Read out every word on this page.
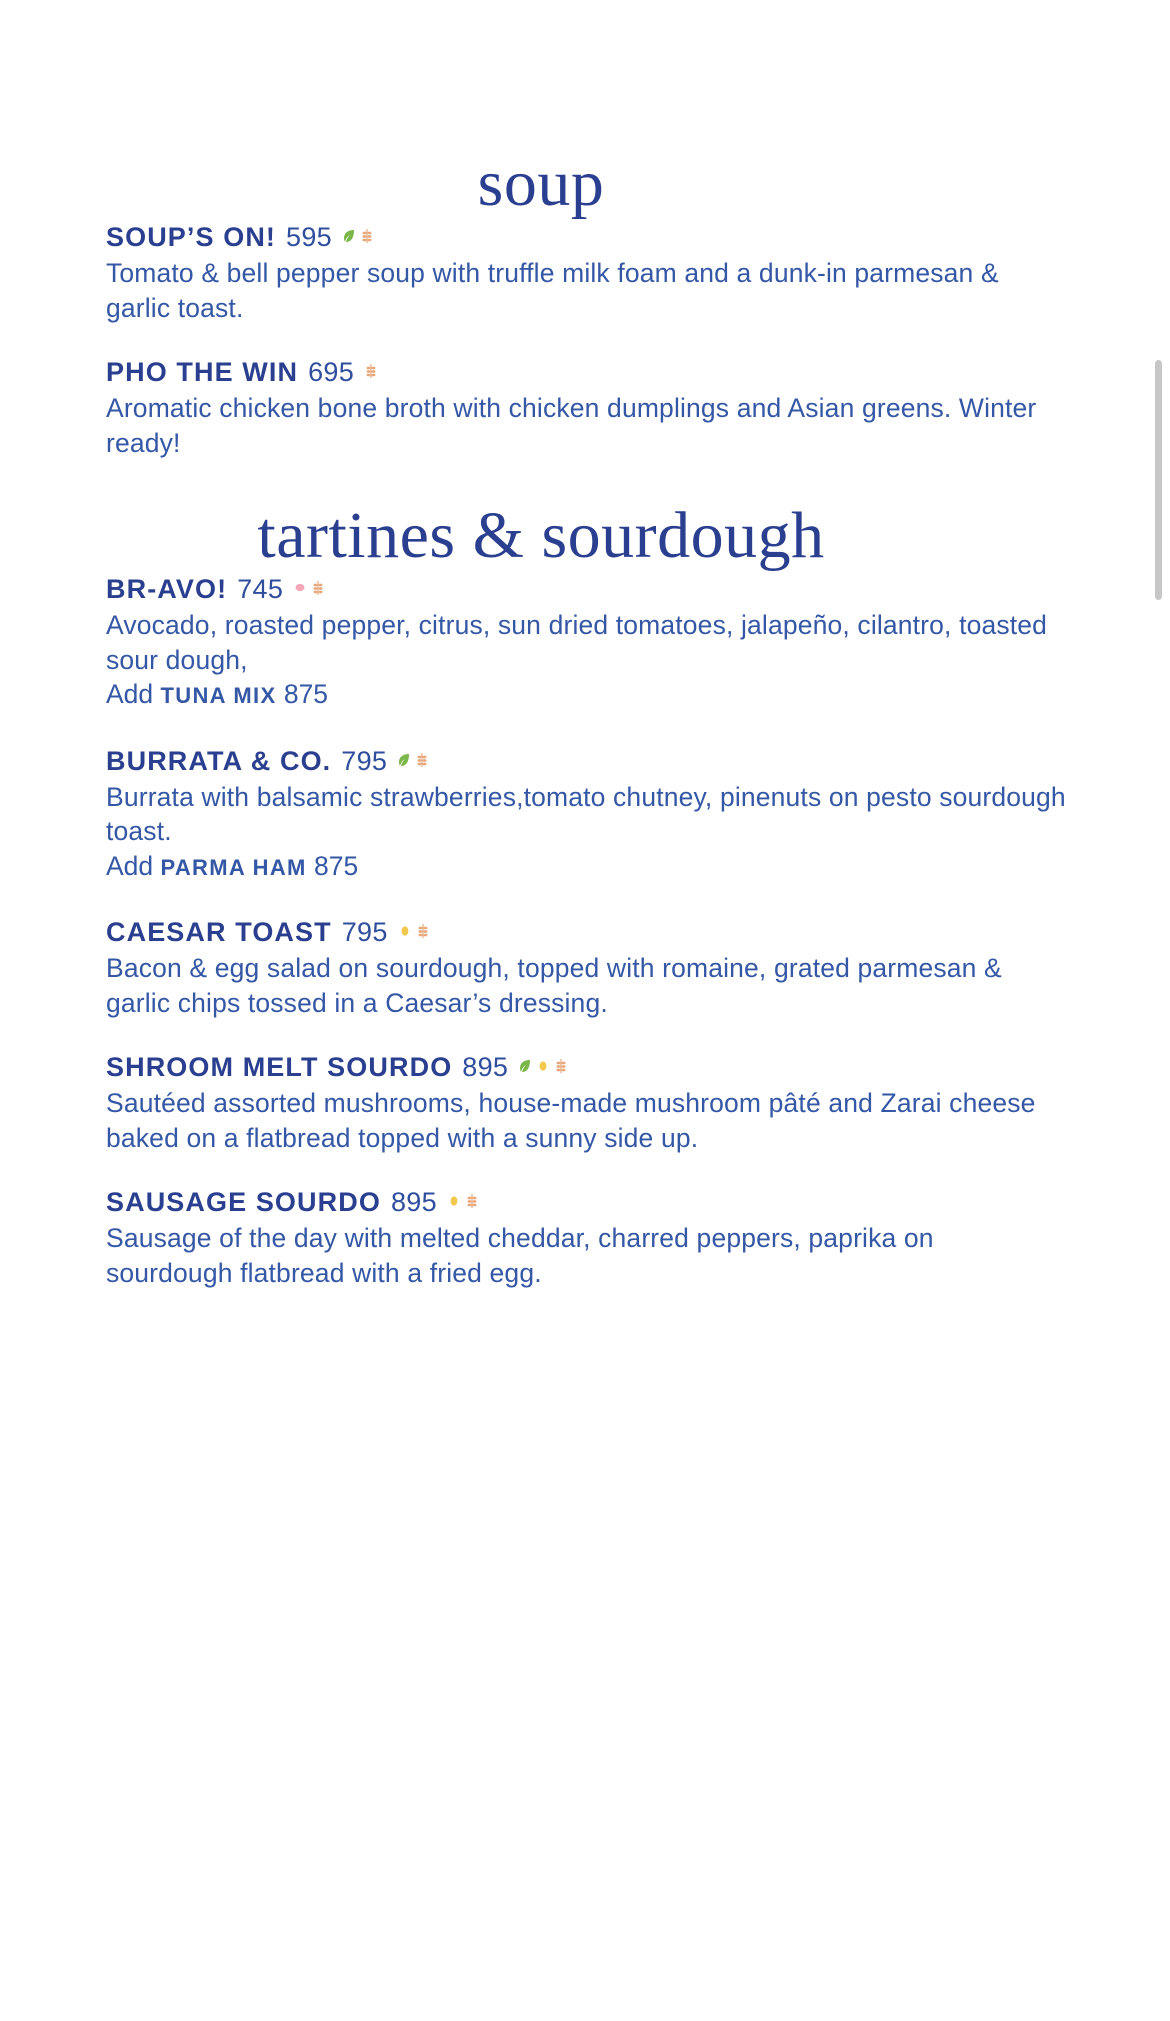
soup
SOUP’S ON! 595
Tomato & bell pepper soup with truffle milk foam and a dunk-in parmesan & garlic toast.
PHO THE WIN 695
Aromatic chicken bone broth with chicken dumplings and Asian greens. Winter ready!
tartines & sourdough
BR-AVO! 745
Avocado, roasted pepper, citrus, sun dried tomatoes, jalapeño, cilantro, toasted sour dough,
Add TUNA MIX 875
BURRATA & CO. 795
Burrata with balsamic strawberries,tomato chutney, pinenuts on pesto sourdough toast.
Add PARMA HAM 875
CAESAR TOAST 795
Bacon & egg salad on sourdough, topped with romaine, grated parmesan & garlic chips tossed in a Caesar’s dressing.
SHROOM MELT SOURDO 895
Sautéed assorted mushrooms, house-made mushroom pâté and Zarai cheese baked on a flatbread topped with a sunny side up.
SAUSAGE SOURDO 895
Sausage of the day with melted cheddar, charred peppers, paprika on sourdough flatbread with a fried egg.
